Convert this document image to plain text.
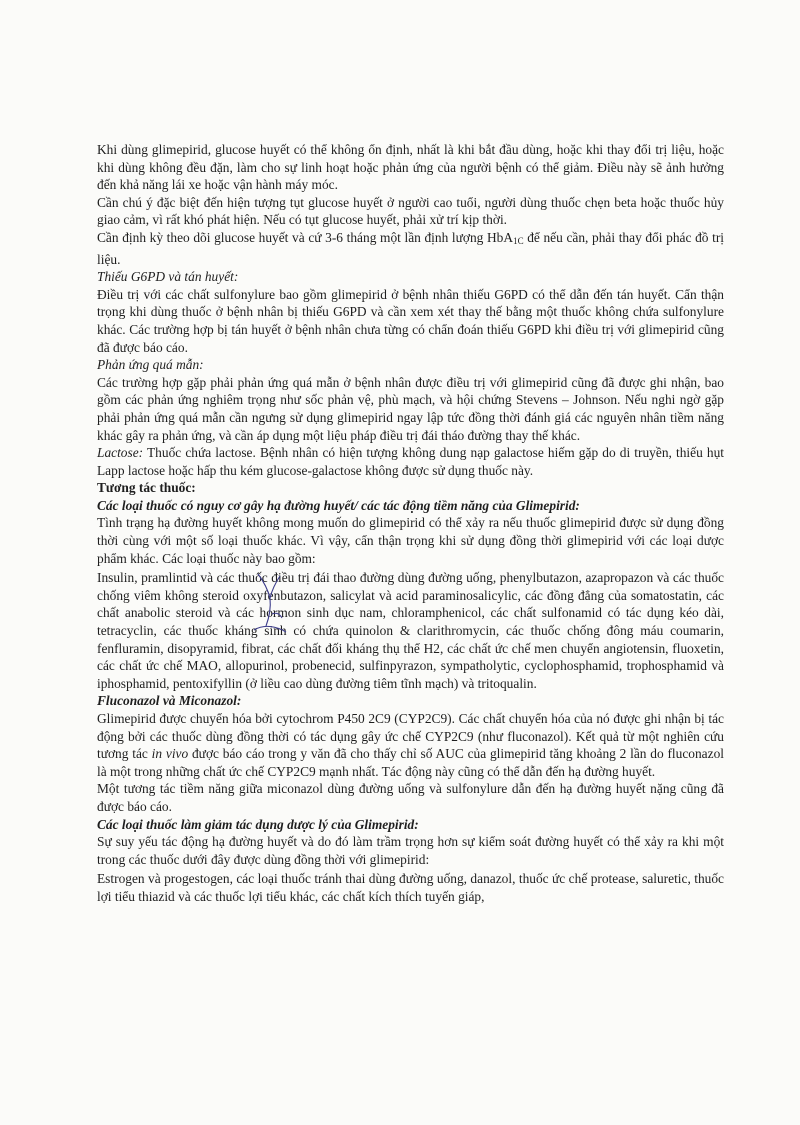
Khi dùng glimepirid, glucose huyết có thể không ổn định, nhất là khi bắt đầu dùng, hoặc khi thay đổi trị liệu, hoặc khi dùng không đều đặn, làm cho sự linh hoạt hoặc phản ứng của người bệnh có thể giảm. Điều này sẽ ảnh hưởng đến khả năng lái xe hoặc vận hành máy móc.

Cần chú ý đặc biệt đến hiện tượng tụt glucose huyết ở người cao tuổi, người dùng thuốc chẹn beta hoặc thuốc hủy giao cảm, vì rất khó phát hiện. Nếu có tụt glucose huyết, phải xử trí kịp thời.

Cần định kỳ theo dõi glucose huyết và cứ 3-6 tháng một lần định lượng HbA$_{1C}$ để nếu cần, phải thay đổi phác đồ trị liệu.

Thiếu G6PD và tán huyết:

Điều trị với các chất sulfonylure bao gồm glimepirid ở bệnh nhân thiếu G6PD có thể dẫn đến tán huyết. Cẩn thận trọng khi dùng thuốc ở bệnh nhân bị thiếu G6PD và cần xem xét thay thế bằng một thuốc không chứa sulfonylure khác. Các trường hợp bị tán huyết ở bệnh nhân chưa từng có chẩn đoán thiếu G6PD khi điều trị với glimepirid cũng đã được báo cáo.

Phản ứng quá mẫn:

Các trường hợp gặp phải phản ứng quá mẫn ở bệnh nhân được điều trị với glimepirid cũng đã được ghi nhận, bao gồm các phản ứng nghiêm trọng như sốc phản vệ, phù mạch, và hội chứng Stevens – Johnson. Nếu nghi ngờ gặp phải phản ứng quá mẫn cần ngưng sử dụng glimepirid ngay lập tức đồng thời đánh giá các nguyên nhân tiềm năng khác gây ra phản ứng, và cần áp dụng một liệu pháp điều trị đái tháo đường thay thế khác.

Lactose: Thuốc chứa lactose. Bệnh nhân có hiện tượng không dung nạp galactose hiếm gặp do di truyền, thiếu hụt Lapp lactose hoặc hấp thu kém glucose-galactose không được sử dụng thuốc này.

Tương tác thuốc:

Các loại thuốc có nguy cơ gây hạ đường huyết/ các tác động tiềm năng của Glimepirid:

Tình trạng hạ đường huyết không mong muốn do glimepirid có thể xảy ra nếu thuốc glimepirid được sử dụng đồng thời cùng với một số loại thuốc khác. Vì vậy, cẩn thận trọng khi sử dụng đồng thời glimepirid với các loại dược phẩm khác. Các loại thuốc này bao gồm:

Insulin, pramlintid và các thuốc điều trị đái thao đường dùng đường uống, phenylbutazon, azapropazon và các thuốc chống viêm không steroid oxyfenbutazon, salicylat và acid paraminosalicylic, các đồng đẳng của somatostatin, các chất anabolic steroid và các hormon sinh dục nam, chloramphenicol, các chất sulfonamid có tác dụng kéo dài, tetracyclin, các thuốc kháng sinh có chứa quinolon & clarithromycin, các thuốc chống đông máu coumarin, fenfluramin, disopyramid, fibrat, các chất đối kháng thụ thể H2, các chất ức chế men chuyển angiotensin, fluoxetin, các chất ức chế MAO, allopurinol, probenecid, sulfinpyrazon, sympatholytic, cyclophosphamid, trophosphamid và iphosphamid, pentoxifyllin (ở liều cao dùng đường tiêm tĩnh mạch) và tritoqualin.

Fluconazol và Miconazol:

Glimepirid được chuyển hóa bởi cytochrom P450 2C9 (CYP2C9). Các chất chuyển hóa của nó được ghi nhận bị tác động bởi các thuốc dùng đồng thời có tác dụng gây ức chế CYP2C9 (như fluconazol). Kết quả từ một nghiên cứu tương tác in vivo được báo cáo trong y văn đã cho thấy chỉ số AUC của glimepirid tăng khoảng 2 lần do fluconazol là một trong những chất ức chế CYP2C9 mạnh nhất. Tác động này cũng có thể dẫn đến hạ đường huyết.

Một tương tác tiềm năng giữa miconazol dùng đường uống và sulfonylure dẫn đến hạ đường huyết nặng cũng đã được báo cáo.

Các loại thuốc làm giảm tác dụng dược lý của Glimepirid:

Sự suy yếu tác động hạ đường huyết và do đó làm trầm trọng hơn sự kiểm soát đường huyết có thể xảy ra khi một trong các thuốc dưới đây được dùng đồng thời với glimepirid:

Estrogen và progestogen, các loại thuốc tránh thai dùng đường uống, danazol, thuốc ức chế protease, saluretic, thuốc lợi tiểu thiazid và các thuốc lợi tiểu khác, các chất kích thích tuyến giáp,
